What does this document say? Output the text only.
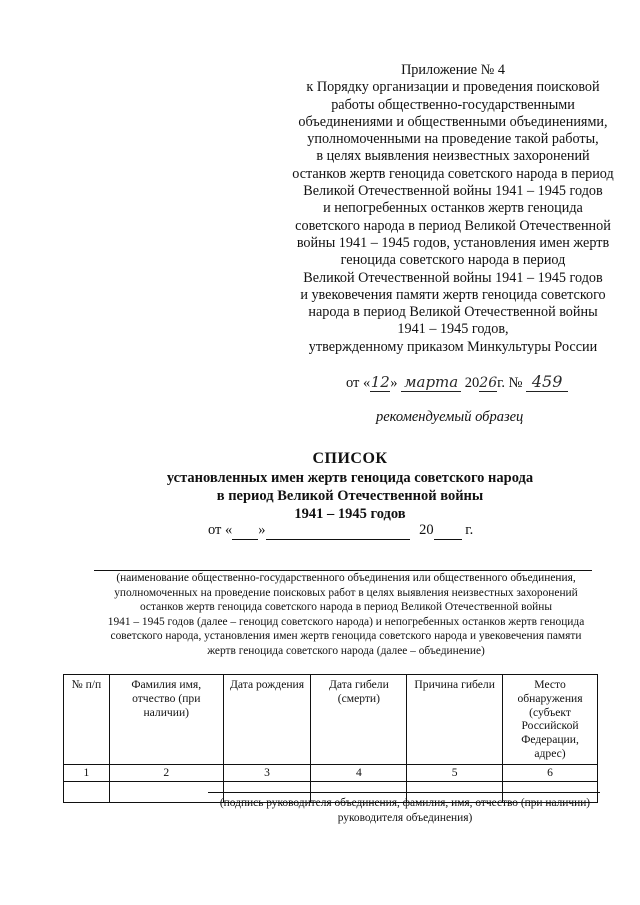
Приложение № 4
к Порядку организации и проведения поисковой
работы общественно-государственными
объединениями и общественными объединениями,
уполномоченными на проведение такой работы,
в целях выявления неизвестных захоронений
останков жертв геноцида советского народа в период
Великой Отечественной войны 1941 – 1945 годов
и непогребенных останков жертв геноцида
советского народа в период Великой Отечественной
войны 1941 – 1945 годов, установления имен жертв
геноцида советского народа в период
Великой Отечественной войны 1941 – 1945 годов
и увековечения памяти жертв геноцида советского
народа в период Великой Отечественной войны
1941 – 1945 годов,
утвержденному приказом Минкультуры России
от «12» марта 2026г. № 459
рекомендуемый образец
СПИСОК
установленных имен жертв геноцида советского народа
в период Великой Отечественной войны
1941 – 1945 годов
от « »	20 г.
(наименование общественно-государственного объединения или общественного объединения,
уполномоченных на проведение поисковых работ в целях выявления неизвестных захоронений
останков жертв геноцида советского народа в период Великой Отечественной войны
1941 – 1945 годов (далее – геноцид советского народа) и непогребенных останков жертв геноцида
советского народа, установления имен жертв геноцида советского народа и увековечения памяти
жертв геноцида советского народа (далее – объединение)
№ п/п	Фамилия имя, отчество (при наличии)	Дата рождения	Дата гибели (смерти)	Причина гибели	Место обнаружения (субъект Российской Федерации, адрес)
1	2	3	4	5	6

(подпись руководителя объединения, фамилия, имя, отчество (при наличии)
руководителя объединения)
